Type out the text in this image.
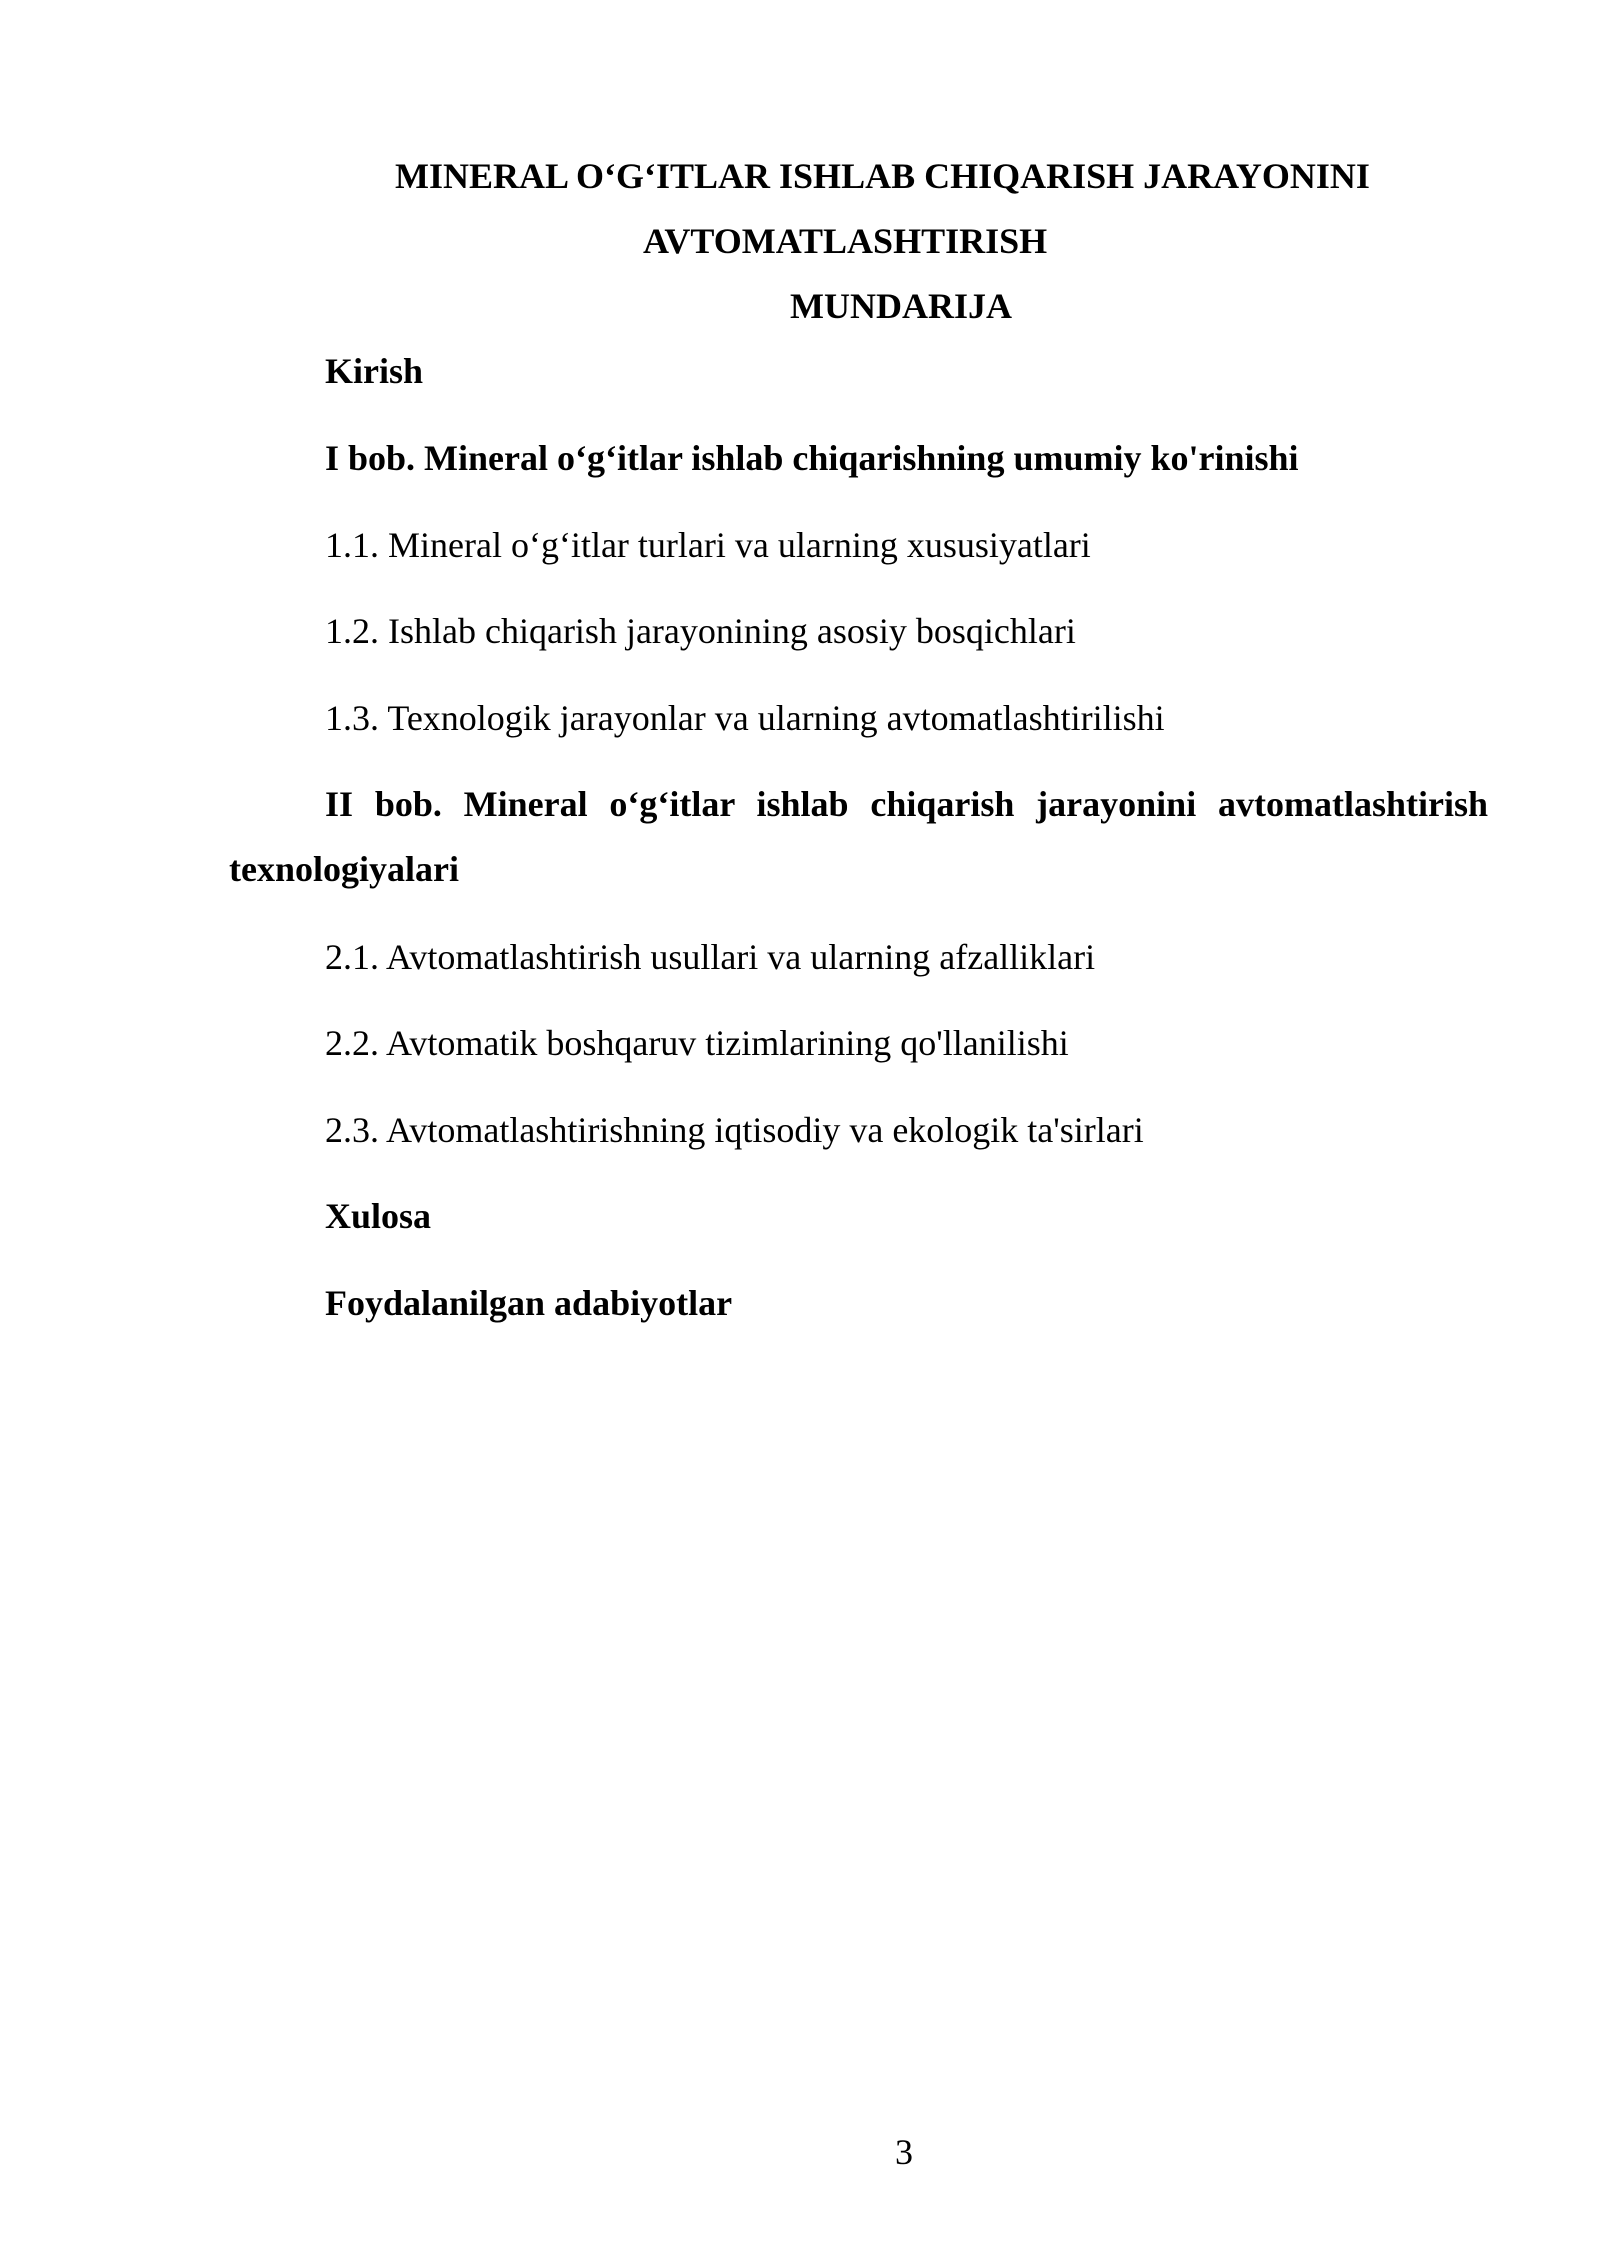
MINERAL O‘G‘ITLAR ISHLAB CHIQARISH JARAYONINI
AVTOMATLASHTIRISH
MUNDARIJA
Kirish
I bob. Mineral o‘g‘itlar ishlab chiqarishning umumiy ko'rinishi
1.1. Mineral o‘g‘itlar turlari va ularning xususiyatlari
1.2. Ishlab chiqarish jarayonining asosiy bosqichlari
1.3. Texnologik jarayonlar va ularning avtomatlashtirilishi
II bob. Mineral o‘g‘itlar ishlab chiqarish jarayonini avtomatlashtirish
texnologiyalari
2.1. Avtomatlashtirish usullari va ularning afzalliklari
2.2. Avtomatik boshqaruv tizimlarining qo'llanilishi
2.3. Avtomatlashtirishning iqtisodiy va ekologik ta'sirlari
Xulosa
Foydalanilgan adabiyotlar
3
